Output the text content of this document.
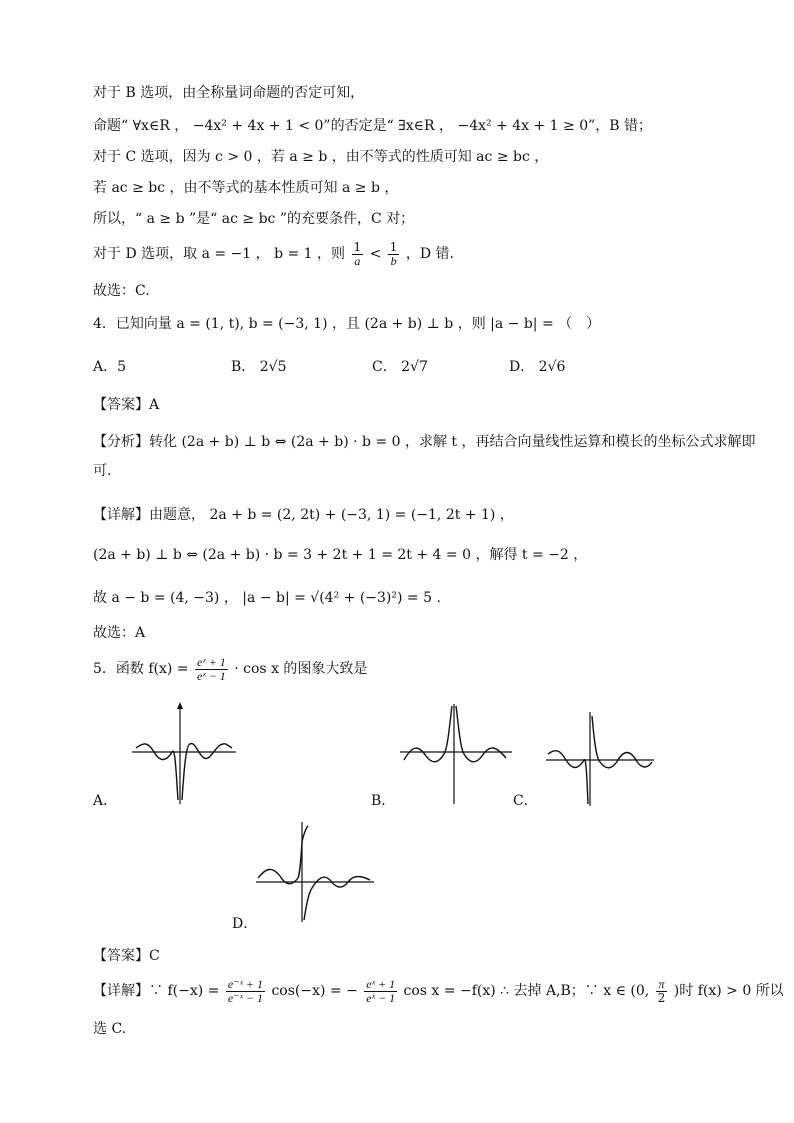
对于 B 选项，由全称量词命题的否定可知，
命题“ ∀x∈R ， −4x² + 4x + 1 < 0”的否定是“ ∃x∈R ， −4x² + 4x + 1 ≥ 0”，B 错；
对于 C 选项，因为 c > 0 ，若 a ≥ b ，由不等式的性质可知 ac ≥ bc ，
若 ac ≥ bc ，由不等式的基本性质可知 a ≥ b ，
所以，“ a ≥ b ”是“ ac ≥ bc ”的充要条件，C 对；
对于 D 选项，取 a = −1 ， b = 1 ，则 $\frac{1}{a} < \frac{1}{b}$ ，D 错.
故选：C.
4．已知向量 a = (1, t), b = (−3, 1) ，且 (2a + b) ⊥ b ，则 |a − b| = （　）
A．5	B． 2√5	C． 2√7	D． 2√6
【答案】A
【分析】转化 (2a + b) ⊥ b ⇔ (2a + b) · b = 0 ，求解 t ，再结合向量线性运算和模长的坐标公式求解即
可.
【详解】由题意， 2a + b = (2, 2t) + (−3, 1) = (−1, 2t + 1) ，
(2a + b) ⊥ b ⇔ (2a + b) · b = 3 + 2t + 1 = 2t + 4 = 0 ，解得 t = −2 ，
故 a − b = (4, −3) ， |a − b| = √(4² + (−3)²) = 5 .
故选：A
5．函数 $f(x) = \frac{\text{eˣ + 1}}{\text{eˣ − 1}} \cdot \cos x$ 的图象大致是
A．	B．	C．
D．
【答案】C
【详解】∵ $f(-x) = \frac{\text{e⁻ˣ + 1}}{\text{e⁻ˣ − 1}} \cos(-x)$ = − $\frac{\text{eˣ + 1}}{\text{eˣ − 1}}$ cos x = −f(x) ∴ 去掉 A,B；∵ x ∈ (0, $\frac{\pi}{2}$ )时 f(x) > 0 所以
选 C.
